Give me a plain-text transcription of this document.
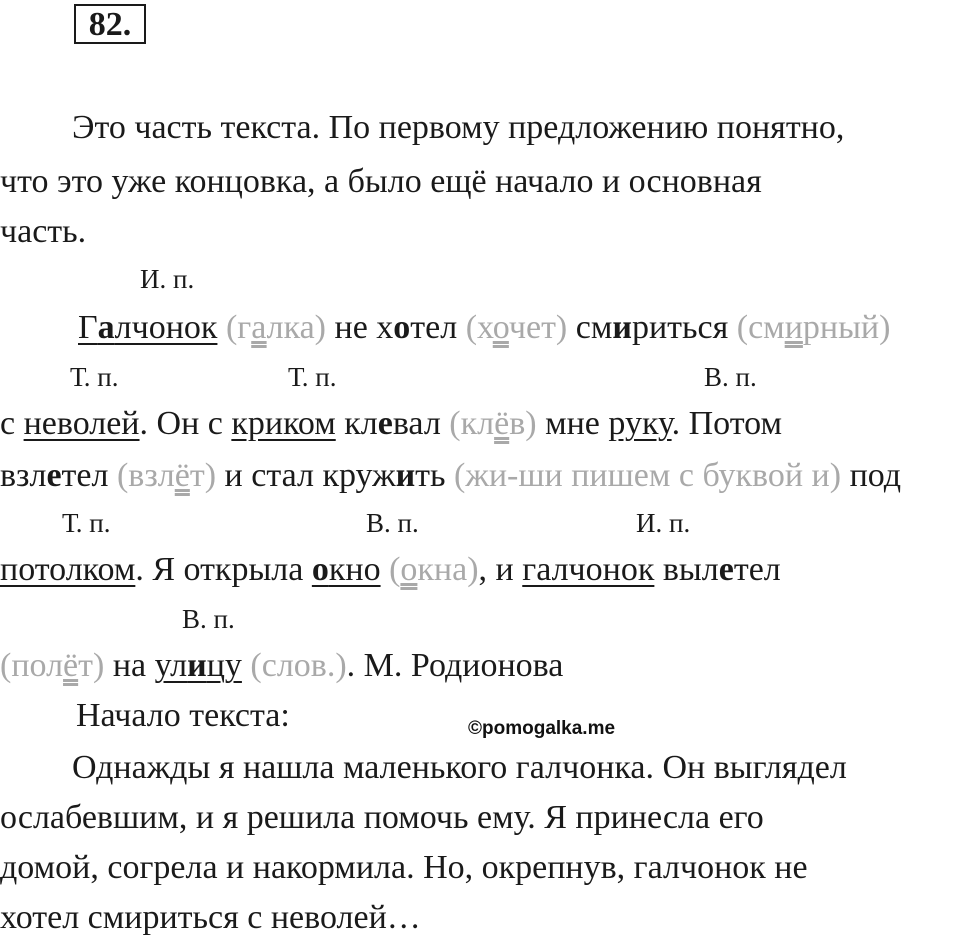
82.
Это часть текста. По первому предложению понятно,
что это уже концовка, а было ещё начало и основная
часть.
И. п.
Галчонок (галка) не хотел (хочет) смириться (смирный)
Т. п.	Т. п.	В. п.
с неволей. Он с криком клевал (клёв) мне руку. Потом
взлетел (взлёт) и стал кружить (жи-ши пишем с буквой и) под
Т. п.	В. п.	И. п.
потолком. Я открыла окно (окна), и галчонок вылетел
В. п.
(полёт) на улицу (слов.). М. Родионова
Начало текста:	©pomogalka.me
Однажды я нашла маленького галчонка. Он выглядел
ослабевшим, и я решила помочь ему. Я принесла его
домой, согрела и накормила. Но, окрепнув, галчонок не
хотел смириться с неволей…
